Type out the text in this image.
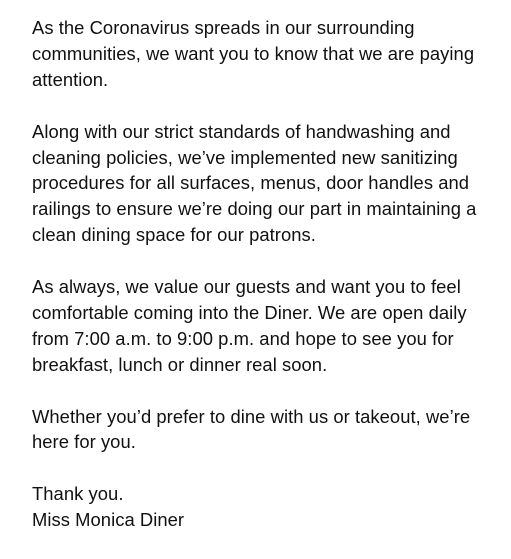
As the Coronavirus spreads in our surrounding
communities, we want you to know that we are paying
attention.

Along with our strict standards of handwashing and
cleaning policies, we’ve implemented new sanitizing
procedures for all surfaces, menus, door handles and
railings to ensure we’re doing our part in maintaining a
clean dining space for our patrons.

As always, we value our guests and want you to feel
comfortable coming into the Diner. We are open daily
from 7:00 a.m. to 9:00 p.m. and hope to see you for
breakfast, lunch or dinner real soon.

Whether you’d prefer to dine with us or takeout, we’re
here for you.

Thank you.
Miss Monica Diner
